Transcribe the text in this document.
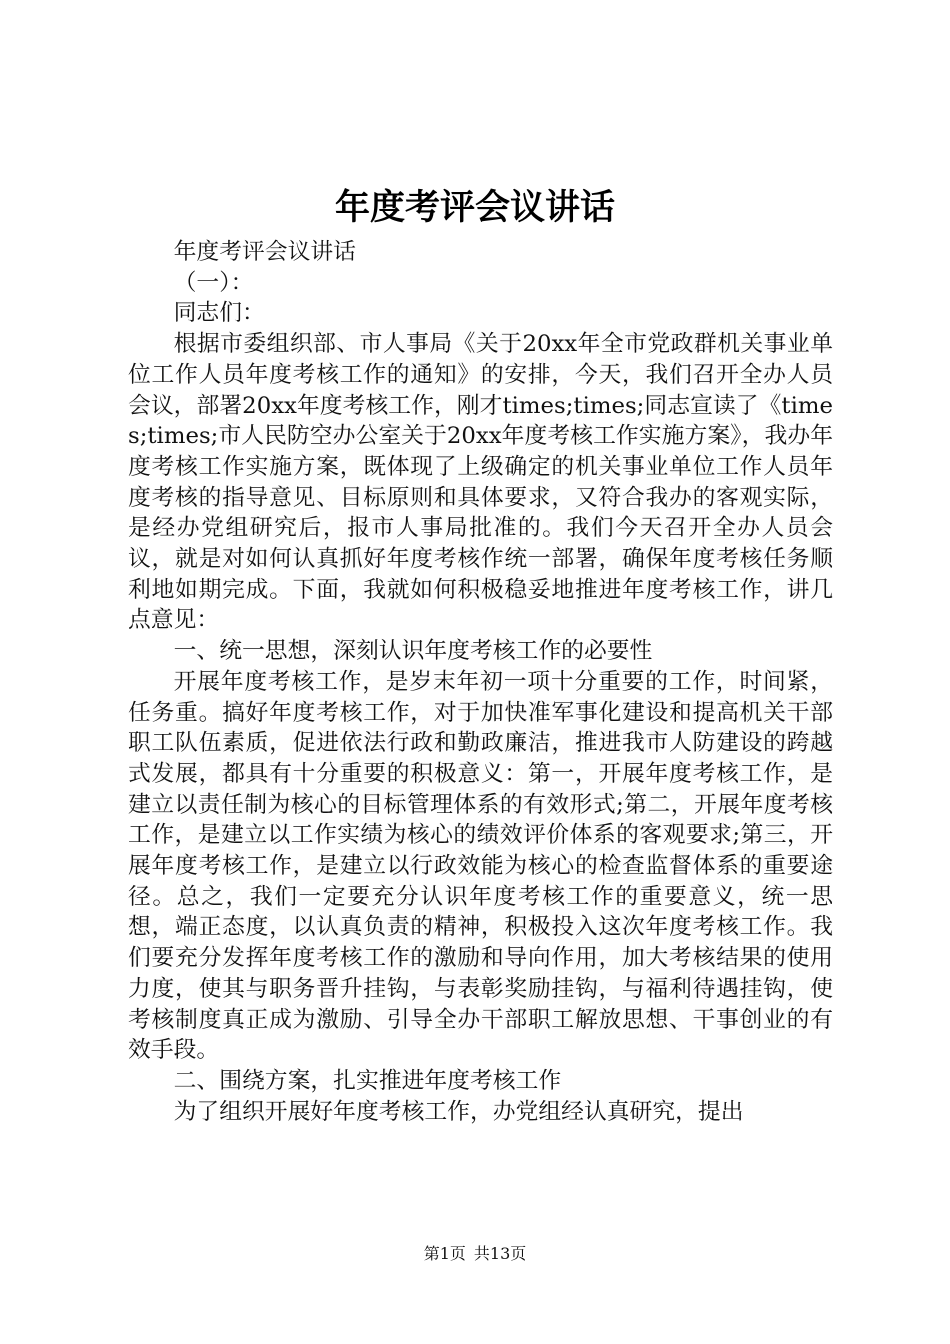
年度考评会议讲话

年度考评会议讲话

（一）：

同志们：

根据市委组织部、市人事局《关于20xx年全市党政群机关事业单位工作人员年度考核工作的通知》的安排，今天，我们召开全办人员会议，部署20xx年度考核工作，刚才times;times;同志宣读了《times;times;市人民防空办公室关于20xx年度考核工作实施方案》，我办年度考核工作实施方案，既体现了上级确定的机关事业单位工作人员年度考核的指导意见、目标原则和具体要求，又符合我办的客观实际，是经办党组研究后，报市人事局批准的。我们今天召开全办人员会议，就是对如何认真抓好年度考核作统一部署，确保年度考核任务顺利地如期完成。下面，我就如何积极稳妥地推进年度考核工作，讲几点意见：

一、统一思想，深刻认识年度考核工作的必要性

开展年度考核工作，是岁末年初一项十分重要的工作，时间紧，任务重。搞好年度考核工作，对于加快准军事化建设和提高机关干部职工队伍素质，促进依法行政和勤政廉洁，推进我市人防建设的跨越式发展，都具有十分重要的积极意义：第一，开展年度考核工作，是建立以责任制为核心的目标管理体系的有效形式;第二，开展年度考核工作，是建立以工作实绩为核心的绩效评价体系的客观要求;第三，开展年度考核工作，是建立以行政效能为核心的检查监督体系的重要途径。总之，我们一定要充分认识年度考核工作的重要意义，统一思想，端正态度，以认真负责的精神，积极投入这次年度考核工作。我们要充分发挥年度考核工作的激励和导向作用，加大考核结果的使用力度，使其与职务晋升挂钩，与表彰奖励挂钩，与福利待遇挂钩，使考核制度真正成为激励、引导全办干部职工解放思想、干事创业的有效手段。

二、围绕方案，扎实推进年度考核工作

为了组织开展好年度考核工作，办党组经认真研究，提出

第1页 共13页
